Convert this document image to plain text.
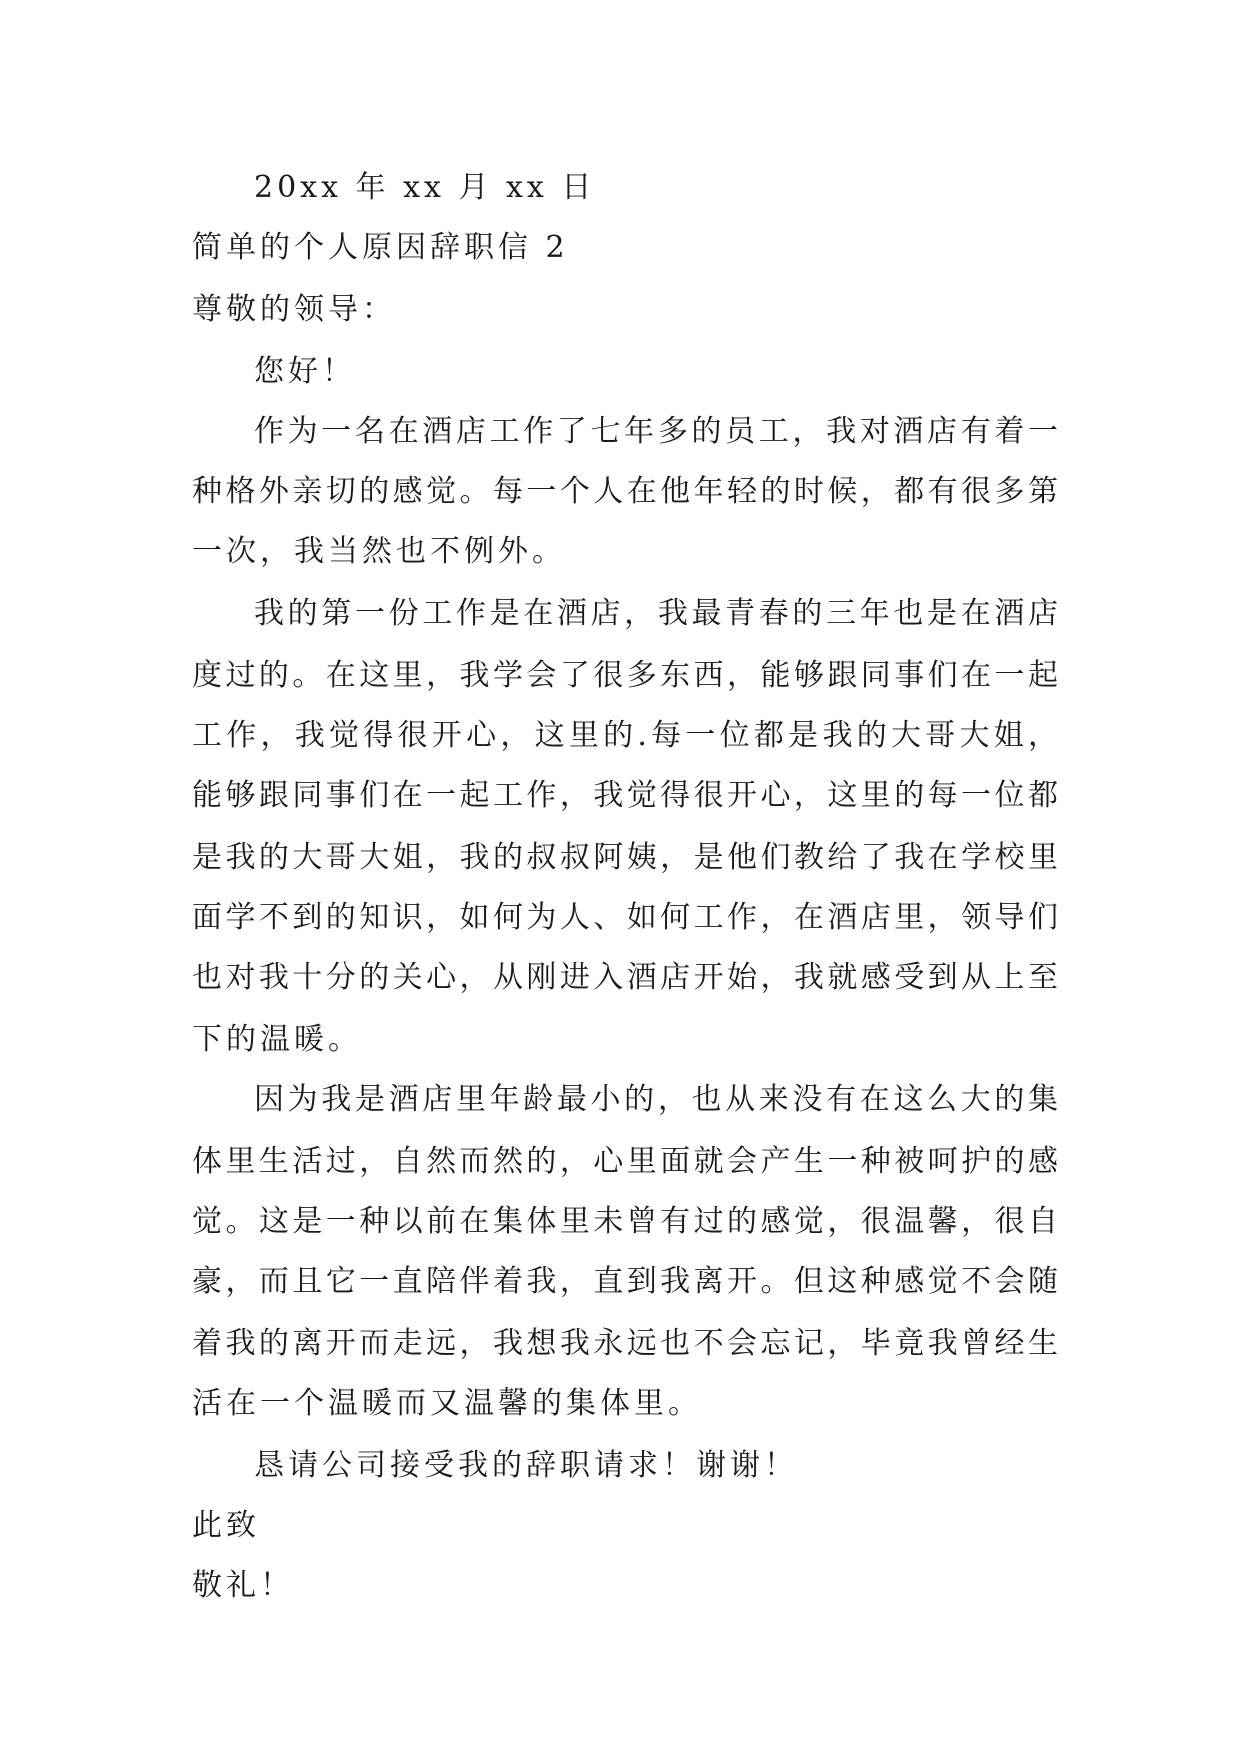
20xx 年 xx 月 xx 日
简单的个人原因辞职信 2
尊敬的领导：
您好！
作为一名在酒店工作了七年多的员工，我对酒店有着一
种格外亲切的感觉。每一个人在他年轻的时候，都有很多第
一次，我当然也不例外。
我的第一份工作是在酒店，我最青春的三年也是在酒店
度过的。在这里，我学会了很多东西，能够跟同事们在一起
工作，我觉得很开心，这里的.每一位都是我的大哥大姐，
能够跟同事们在一起工作，我觉得很开心，这里的每一位都
是我的大哥大姐，我的叔叔阿姨，是他们教给了我在学校里
面学不到的知识，如何为人、如何工作，在酒店里，领导们
也对我十分的关心，从刚进入酒店开始，我就感受到从上至
下的温暖。
因为我是酒店里年龄最小的，也从来没有在这么大的集
体里生活过，自然而然的，心里面就会产生一种被呵护的感
觉。这是一种以前在集体里未曾有过的感觉，很温馨，很自
豪，而且它一直陪伴着我，直到我离开。但这种感觉不会随
着我的离开而走远，我想我永远也不会忘记，毕竟我曾经生
活在一个温暖而又温馨的集体里。
恳请公司接受我的辞职请求！谢谢！
此致
敬礼！
